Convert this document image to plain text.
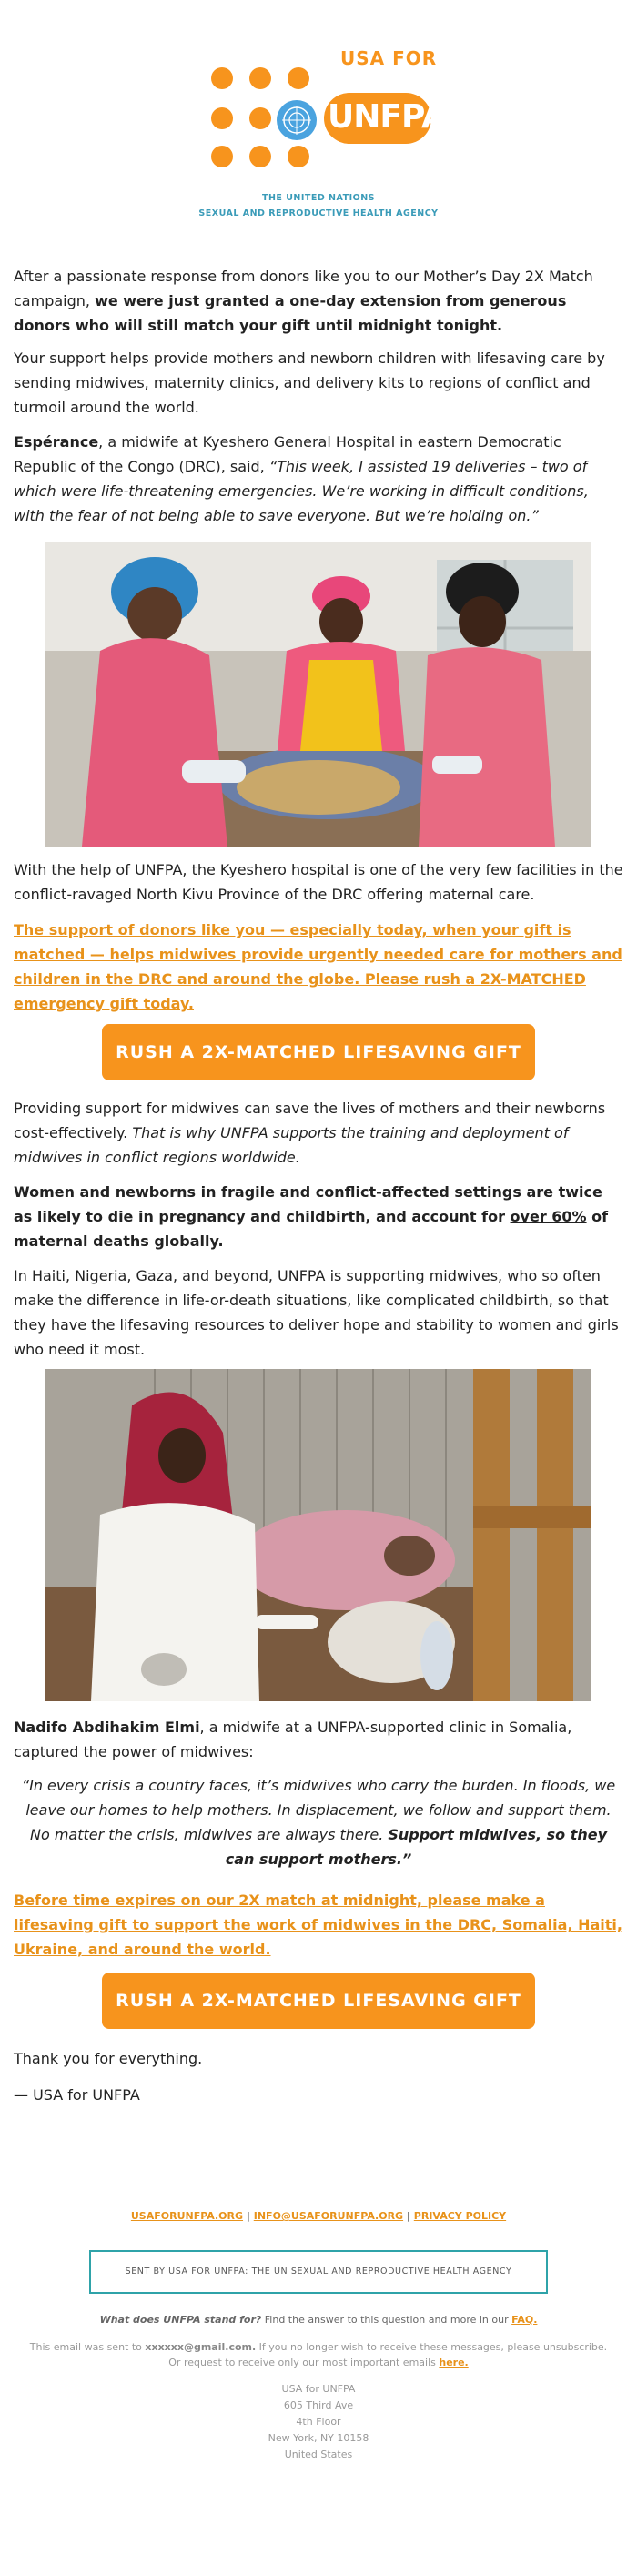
USA FOR
UNFPA
THE UNITED NATIONS
SEXUAL AND REPRODUCTIVE HEALTH AGENCY

After a passionate response from donors like you to our Mother’s Day 2X Match campaign, we were just granted a one-day extension from generous donors who will still match your gift until midnight tonight.

Your support helps provide mothers and newborn children with lifesaving care by sending midwives, maternity clinics, and delivery kits to regions of conflict and turmoil around the world.

Espérance, a midwife at Kyeshero General Hospital in eastern Democratic Republic of the Congo (DRC), said, “This week, I assisted 19 deliveries – two of which were life-threatening emergencies. We’re working in difficult conditions, with the fear of not being able to save everyone. But we’re holding on.”

With the help of UNFPA, the Kyeshero hospital is one of the very few facilities in the conflict-ravaged North Kivu Province of the DRC offering maternal care.

The support of donors like you — especially today, when your gift is matched — helps midwives provide urgently needed care for mothers and children in the DRC and around the globe. Please rush a 2X-MATCHED emergency gift today.
RUSH A 2X-MATCHED LIFESAVING GIFT

Providing support for midwives can save the lives of mothers and their newborns cost-effectively. That is why UNFPA supports the training and deployment of midwives in conflict regions worldwide.

Women and newborns in fragile and conflict-affected settings are twice as likely to die in pregnancy and childbirth, and account for over 60% of maternal deaths globally.

In Haiti, Nigeria, Gaza, and beyond, UNFPA is supporting midwives, who so often make the difference in life-or-death situations, like complicated childbirth, so that they have the lifesaving resources to deliver hope and stability to women and girls who need it most.

Nadifo Abdihakim Elmi, a midwife at a UNFPA-supported clinic in Somalia, captured the power of midwives:

“In every crisis a country faces, it’s midwives who carry the burden. In floods, we leave our homes to help mothers. In displacement, we follow and support them. No matter the crisis, midwives are always there. Support midwives, so they can support mothers.”
Before time expires on our 2X match at midnight, please make a lifesaving gift to support the work of midwives in the DRC, Somalia, Haiti, Ukraine, and around the world.
RUSH A 2X-MATCHED LIFESAVING GIFT

Thank you for everything.

— USA for UNFPA

USAFORUNFPA.ORG | INFO@USAFORUNFPA.ORG | PRIVACY POLICY
SENT BY USA FOR UNFPA: THE UN SEXUAL AND REPRODUCTIVE HEALTH AGENCY
What does UNFPA stand for? Find the answer to this question and more in our FAQ.
This email was sent to xxxxxx@gmail.com. If you no longer wish to receive these messages, please unsubscribe. Or request to receive only our most important emails here.
USA for UNFPA
605 Third Ave
4th Floor
New York, NY 10158
United States
